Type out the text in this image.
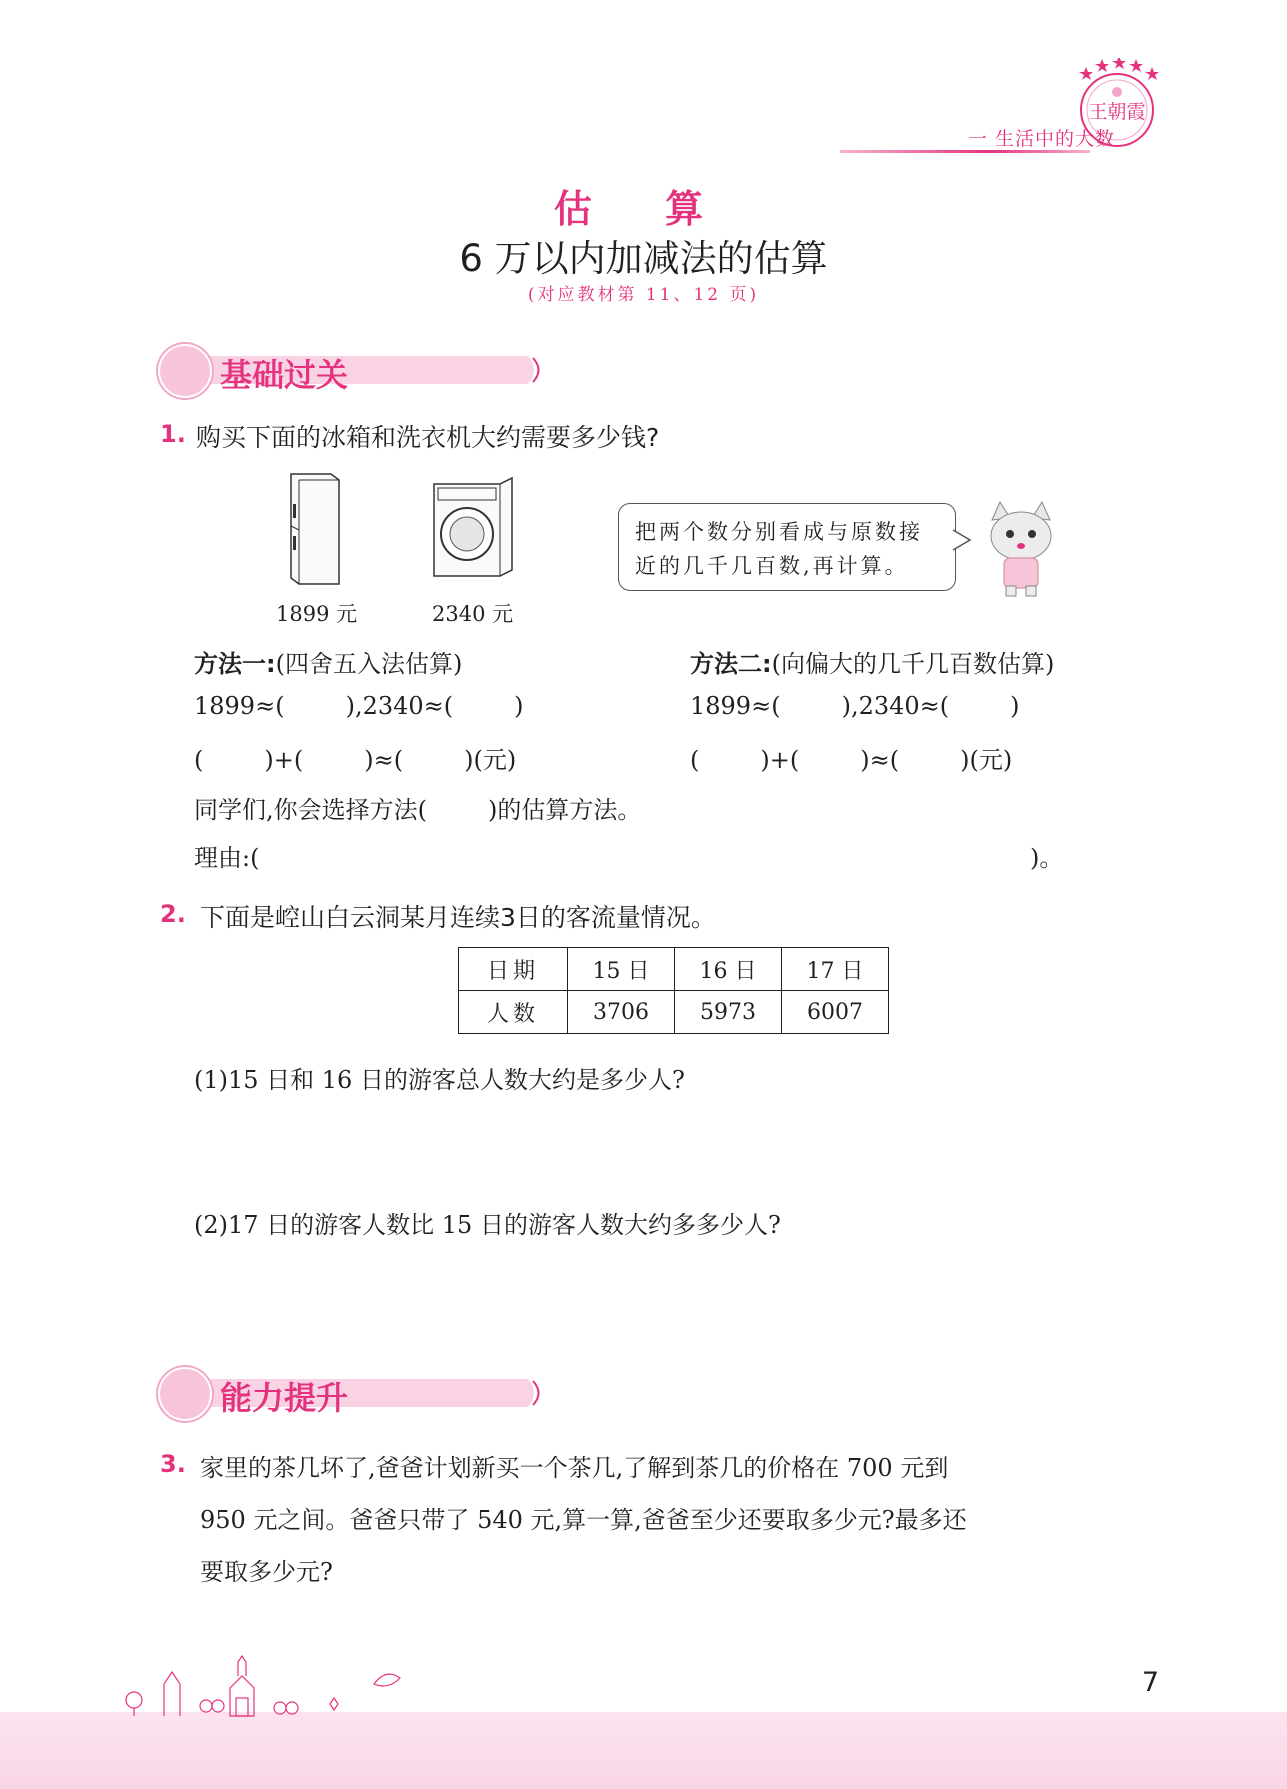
王朝霞
一 生活中的大数
估 算
6 万以内加减法的估算
(对应教材第 11、12 页)
基础过关
1. 购买下面的冰箱和洗衣机大约需要多少钱?
1899 元	2340 元
把两个数分别看成与原数接
近的几千几百数,再计算。
方法一:(四舍五入法估算)
1899≈(        ),2340≈(        )
(        )+(        )≈(        )(元)
方法二:(向偏大的几千几百数估算)
1899≈(        ),2340≈(        )
(        )+(        )≈(        )(元)
同学们,你会选择方法(        )的估算方法。
理由:(	)。
2. 下面是崆山白云洞某月连续3日的客流量情况。
日期	15 日	16 日	17 日
人数	3706	5973	6007
(1)15 日和 16 日的游客总人数大约是多少人?
(2)17 日的游客人数比 15 日的游客人数大约多多少人?
能力提升
3. 家里的茶几坏了,爸爸计划新买一个茶几,了解到茶几的价格在 700 元到
950 元之间。爸爸只带了 540 元,算一算,爸爸至少还要取多少元?最多还
要取多少元?
7
